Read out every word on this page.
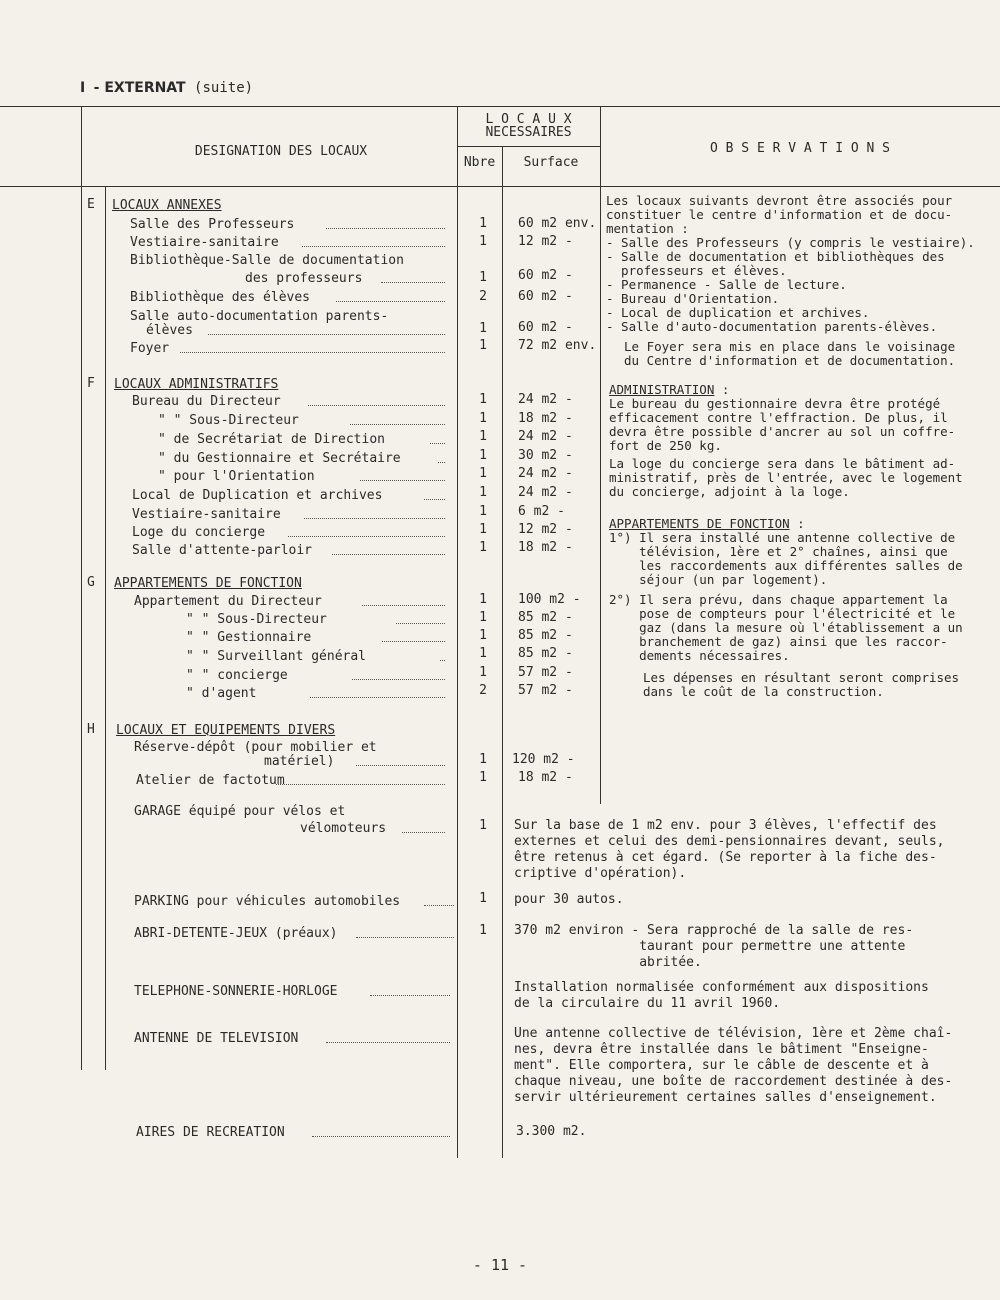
I - EXTERNAT (suite)
DESIGNATION DES LOCAUX
L O C A U X
NECESSAIRES
Nbre	Surface
O B S E R V A T I O N S
E LOCAUX ANNEXES
Salle des Professeurs	1 60 m2 env.
Vestiaire-sanitaire	1 12 m2 -
Bibliothèque-Salle de documentation
des professeurs	1 60 m2 -
Bibliothèque des élèves	2 60 m2 -
Salle auto-documentation parents-
élèves	1 60 m2 -
Foyer	1 72 m2 env.
F LOCAUX ADMINISTRATIFS
Bureau du Directeur	1 24 m2 -
" " Sous-Directeur	1 18 m2 -
" de Secrétariat de Direction	1 24 m2 -
" du Gestionnaire et Secrétaire	1 30 m2 -
" pour l'Orientation	1 24 m2 -
Local de Duplication et archives	1 24 m2 -
Vestiaire-sanitaire	1 6 m2 -
Loge du concierge	1 12 m2 -
Salle d'attente-parloir	1 18 m2 -
G APPARTEMENTS DE FONCTION
Appartement du Directeur	1 100 m2 -
" " Sous-Directeur	1 85 m2 -
" " Gestionnaire	1 85 m2 -
" " Surveillant général	1 85 m2 -
" " concierge	1 57 m2 -
" d'agent	2 57 m2 -
H LOCAUX ET EQUIPEMENTS DIVERS
Réserve-dépôt (pour mobilier et
matériel)	1 120 m2 -
Atelier de factotum	1 18 m2 -
Les locaux suivants devront être associés pour
constituer le centre d'information et de docu-
mentation :
- Salle des Professeurs (y compris le vestiaire).
- Salle de documentation et bibliothèques des
professeurs et élèves.
- Permanence - Salle de lecture.
- Bureau d'Orientation.
- Local de duplication et archives.
- Salle d'auto-documentation parents-élèves.
Le Foyer sera mis en place dans le voisinage
du Centre d'information et de documentation.
ADMINISTRATION :
Le bureau du gestionnaire devra être protégé
efficacement contre l'effraction. De plus, il
devra être possible d'ancrer au sol un coffre-
fort de 250 kg.
La loge du concierge sera dans le bâtiment ad-
ministratif, près de l'entrée, avec le logement
du concierge, adjoint à la loge.
APPARTEMENTS DE FONCTION :
1°) Il sera installé une antenne collective de
télévision, 1ère et 2° chaînes, ainsi que
les raccordements aux différentes salles de
séjour (un par logement).
2°) Il sera prévu, dans chaque appartement la
pose de compteurs pour l'électricité et le
gaz (dans la mesure où l'établissement a un
branchement de gaz) ainsi que les raccor-
dements nécessaires.
Les dépenses en résultant seront comprises
dans le coût de la construction.
GARAGE équipé pour vélos et
vélomoteurs	1 Sur la base de 1 m2 env. pour 3 élèves, l'effectif des
externes et celui des demi-pensionnaires devant, seuls,
être retenus à cet égard. (Se reporter à la fiche des-
criptive d'opération).
PARKING pour véhicules automobiles	1 pour 30 autos.
ABRI-DETENTE-JEUX (préaux)	1 370 m2 environ - Sera rapproché de la salle de res-
taurant pour permettre une attente
abritée.
TELEPHONE-SONNERIE-HORLOGE	Installation normalisée conformément aux dispositions
de la circulaire du 11 avril 1960.
ANTENNE DE TELEVISION	Une antenne collective de télévision, 1ère et 2ème chaî-
nes, devra être installée dans le bâtiment "Enseigne-
ment". Elle comportera, sur le câble de descente et à
chaque niveau, une boîte de raccordement destinée à des-
servir ultérieurement certaines salles d'enseignement.
AIRES DE RECREATION	3.300 m2.
- 11 -
